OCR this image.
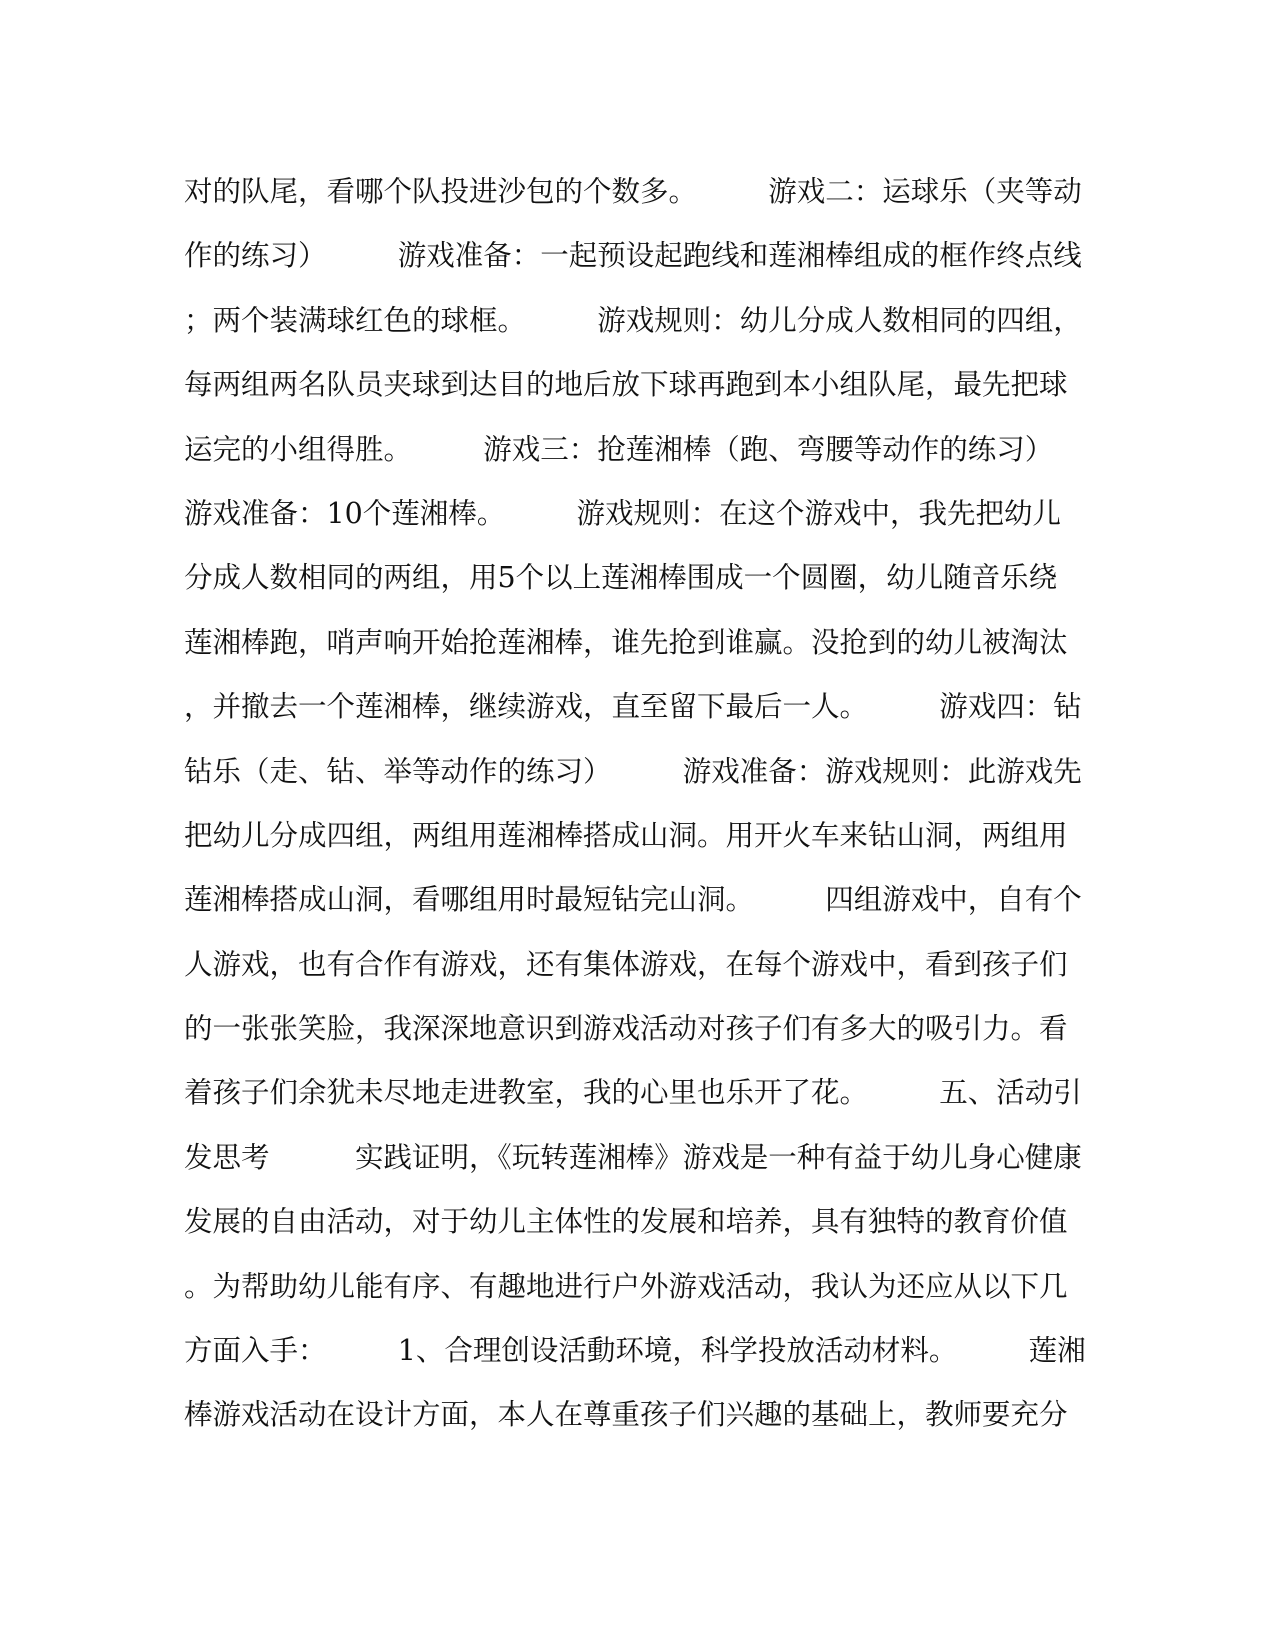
对的队尾，看哪个队投进沙包的个数多。　　　游戏二：运球乐（夹等动
作的练习）　　　游戏准备：一起预设起跑线和莲湘棒组成的框作终点线
；两个装满球红色的球框。　　　游戏规则：幼儿分成人数相同的四组，
每两组两名队员夹球到达目的地后放下球再跑到本小组队尾，最先把球
运完的小组得胜。　　　游戏三：抢莲湘棒（跑、弯腰等动作的练习）
游戏准备：10个莲湘棒。　　　游戏规则：在这个游戏中，我先把幼儿
分成人数相同的两组，用5个以上莲湘棒围成一个圆圈，幼儿随音乐绕
莲湘棒跑，哨声响开始抢莲湘棒，谁先抢到谁赢。没抢到的幼儿被淘汰
，并撤去一个莲湘棒，继续游戏，直至留下最后一人。　　　游戏四：钻
钻乐（走、钻、举等动作的练习）　　　游戏准备：游戏规则：此游戏先
把幼儿分成四组，两组用莲湘棒搭成山洞。用开火车来钻山洞，两组用
莲湘棒搭成山洞，看哪组用时最短钻完山洞。　　　四组游戏中，自有个
人游戏，也有合作有游戏，还有集体游戏，在每个游戏中，看到孩子们
的一张张笑脸，我深深地意识到游戏活动对孩子们有多大的吸引力。看
着孩子们余犹未尽地走进教室，我的心里也乐开了花。　　　五、活动引
发思考　　　实践证明，《玩转莲湘棒》游戏是一种有益于幼儿身心健康
发展的自由活动，对于幼儿主体性的发展和培养，具有独特的教育价值
。为帮助幼儿能有序、有趣地进行户外游戏活动，我认为还应从以下几
方面入手：　　　1、合理创设活動环境，科学投放活动材料。　　　莲湘
棒游戏活动在设计方面，本人在尊重孩子们兴趣的基础上，教师要充分
